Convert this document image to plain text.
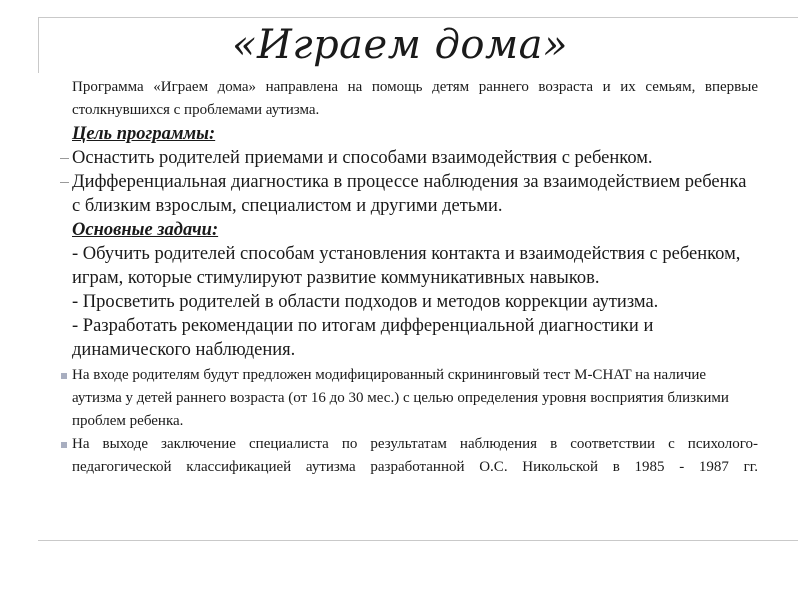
«Играем дома»

Программа «Играем дома» направлена на помощь детям раннего возраста и их семьям, впервые столкнувшихся с проблемами аутизма.

Цель программы:

Оснастить родителей приемами и способами взаимодействия с ребенком.

Дифференциальная диагностика в процессе наблюдения за взаимодействием ребенка с близким взрослым, специалистом и другими детьми.

Основные задачи:

- Обучить родителей способам установления контакта и взаимодействия с ребенком, играм, которые стимулируют развитие коммуникативных навыков.

- Просветить родителей в области подходов и методов коррекции аутизма.

- Разработать рекомендации по итогам дифференциальной диагностики и динамического наблюдения.

На входе родителям будут предложен модифицированный скрининговый тест М-CHAT на наличие аутизма у детей раннего возраста (от 16 до 30 мес.) с целью определения уровня восприятия близкими проблем ребенка.
На выходе заключение специалиста по результатам наблюдения в соответствии с психолого-педагогической классификацией аутизма разработанной О.С. Никольской в 1985 - 1987 гг.
